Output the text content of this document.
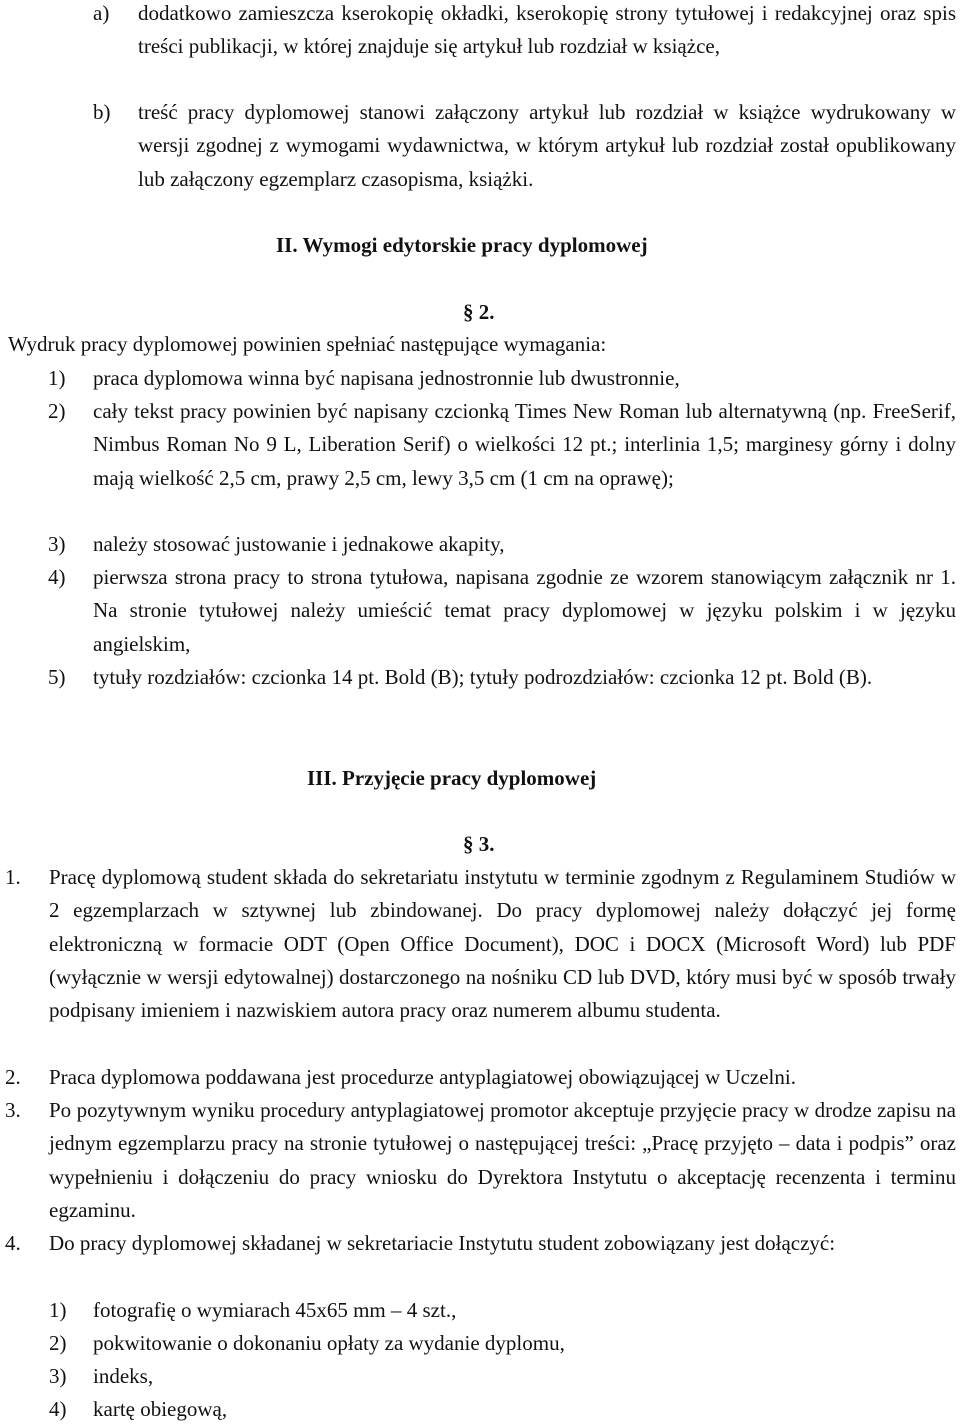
a) dodatkowo zamieszcza kserokopię okładki, kserokopię strony tytułowej i redakcyjnej oraz spis treści publikacji, w której znajduje się artykuł lub rozdział w książce,
b) treść pracy dyplomowej stanowi załączony artykuł lub rozdział w książce wydrukowany w wersji zgodnej z wymogami wydawnictwa, w którym artykuł lub rozdział został opublikowany lub załączony egzemplarz czasopisma, książki.
II. Wymogi edytorskie pracy dyplomowej
§ 2.
Wydruk pracy dyplomowej powinien spełniać następujące wymagania:
1) praca dyplomowa winna być napisana jednostronnie lub dwustronnie,
2) cały tekst pracy powinien być napisany czcionką Times New Roman lub alternatywną (np. FreeSerif, Nimbus Roman No 9 L, Liberation Serif) o wielkości 12 pt.; interlinia 1,5; marginesy górny i dolny mają wielkość 2,5 cm, prawy 2,5 cm, lewy 3,5 cm (1 cm na oprawę);
3) należy stosować justowanie i jednakowe akapity,
4) pierwsza strona pracy to strona tytułowa, napisana zgodnie ze wzorem stanowiącym załącznik nr 1. Na stronie tytułowej należy umieścić temat pracy dyplomowej w języku polskim i w języku angielskim,
5) tytuły rozdziałów: czcionka 14 pt. Bold (B); tytuły podrozdziałów: czcionka 12 pt. Bold (B).
III. Przyjęcie pracy dyplomowej
§ 3.
1. Pracę dyplomową student składa do sekretariatu instytutu w terminie zgodnym z Regulaminem Studiów w 2 egzemplarzach w sztywnej lub zbindowanej. Do pracy dyplomowej należy dołączyć jej formę elektroniczną w formacie ODT (Open Office Document), DOC i DOCX (Microsoft Word) lub PDF (wyłącznie w wersji edytowalnej) dostarczonego na nośniku CD lub DVD, który musi być w sposób trwały podpisany imieniem i nazwiskiem autora pracy oraz numerem albumu studenta.
2. Praca dyplomowa poddawana jest procedurze antyplagiatowej obowiązującej w Uczelni.
3. Po pozytywnym wyniku procedury antyplagiatowej promotor akceptuje przyjęcie pracy w drodze zapisu na jednym egzemplarzu pracy na stronie tytułowej o następującej treści: „Pracę przyjęto – data i podpis” oraz wypełnieniu i dołączeniu do pracy wniosku do Dyrektora Instytutu o akceptację recenzenta i terminu egzaminu.
4. Do pracy dyplomowej składanej w sekretariacie Instytutu student zobowiązany jest dołączyć:
1) fotografię o wymiarach 45x65 mm – 4 szt.,
2) pokwitowanie o dokonaniu opłaty za wydanie dyplomu,
3) indeks,
4) kartę obiegową,
